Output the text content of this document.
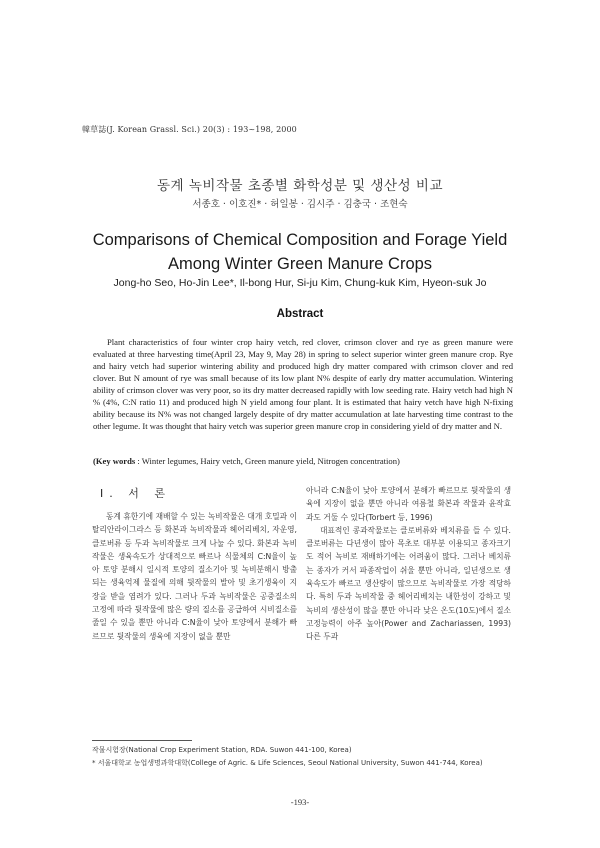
韓草誌(J. Korean Grassl. Sci.) 20(3) : 193~198, 2000
동계 녹비작물 초종별 화학성분 및 생산성 비교
서종호 · 이호진* · 허일봉 · 김시주 · 김충국 · 조현숙
Comparisons of Chemical Composition and Forage Yield
Among Winter Green Manure Crops
Jong-ho Seo, Ho-Jin Lee*, Il-bong Hur, Si-ju Kim, Chung-kuk Kim, Hyeon-suk Jo
Abstract

Plant characteristics of four winter crop hairy vetch, red clover, crimson clover and rye as green manure were evaluated at three harvesting time(April 23, May 9, May 28) in spring to select superior winter green manure crop. Rye and hairy vetch had superior wintering ability and produced high dry matter compared with crimson clover and red clover. But N amount of rye was small because of its low plant N% despite of early dry matter accumulation. Wintering ability of crimson clover was very poor, so its dry matter decreased rapidly with low seeding rate. Hairy vetch had high N % (4%, C:N ratio 11) and produced high N yield among four plant. It is estimated that hairy vetch have high N-fixing ability because its N% was not changed largely despite of dry matter accumulation at late harvesting time contrast to the other legume. It was thought that hairy vetch was superior green manure crop in considering yield of dry matter and N.

(Key words : Winter legumes, Hairy vetch, Green manure yield, Nitrogen concentration)
Ⅰ. 서 론

동계 휴한기에 재배할 수 있는 녹비작물은 대개 호밀과 이탈리안라이그라스 등 화본과 녹비작물과 헤어리베치, 자운영, 클로버류 등 두과 녹비작물로 크게 나눌 수 있다. 화본과 녹비작물은 생육속도가 상대적으로 빠르나 식물체의 C:N율이 높아 토양 분해시 일시적 토양의 질소기아 및 녹비분해시 방출되는 생육억제 물질에 의해 뒷작물의 발아 및 초기생육이 지장을 받을 염려가 있다. 그러나 두과 녹비작물은 공중질소의 고정에 따라 뒷작물에 많은 량의 질소를 공급하여 시비질소를 줄일 수 있을 뿐만 아니라 C:N율이 낮아 토양에서 분해가 빠르므로 뒷작물의 생육에 지장이 없을 뿐만

아니라 C:N율이 낮아 토양에서 분해가 빠르므로 뒷작물의 생육에 지장이 없을 뿐만 아니라 여름철 화본과 작물과 윤작효과도 거둘 수 있다(Torbert 등, 1996)

대표적인 콩과작물로는 클로버류와 베치류를 들 수 있다. 클로버류는 다년생이 많아 목초로 대부분 이용되고 종자크기도 적어 녹비로 재배하기에는 어려움이 많다. 그러나 베치류는 종자가 커서 파종작업이 쉬울 뿐만 아니라, 일년생으로 생육속도가 빠르고 생산량이 많으므로 녹비작물로 가장 적당하다. 특히 두과 녹비작물 중 헤어리베치는 내한성이 강하고 및 녹비의 생산성이 많을 뿐만 아니라 낮은 온도(10도)에서 질소 고정능력이 아주 높아(Power and Zachariassen, 1993) 다른 두과

작물시험장(National Crop Experiment Station, RDA. Suwon 441-100, Korea)
* 서울대학교 농업생명과학대학(College of Agric. & Life Sciences, Seoul National University, Suwon 441-744, Korea)
-193-
